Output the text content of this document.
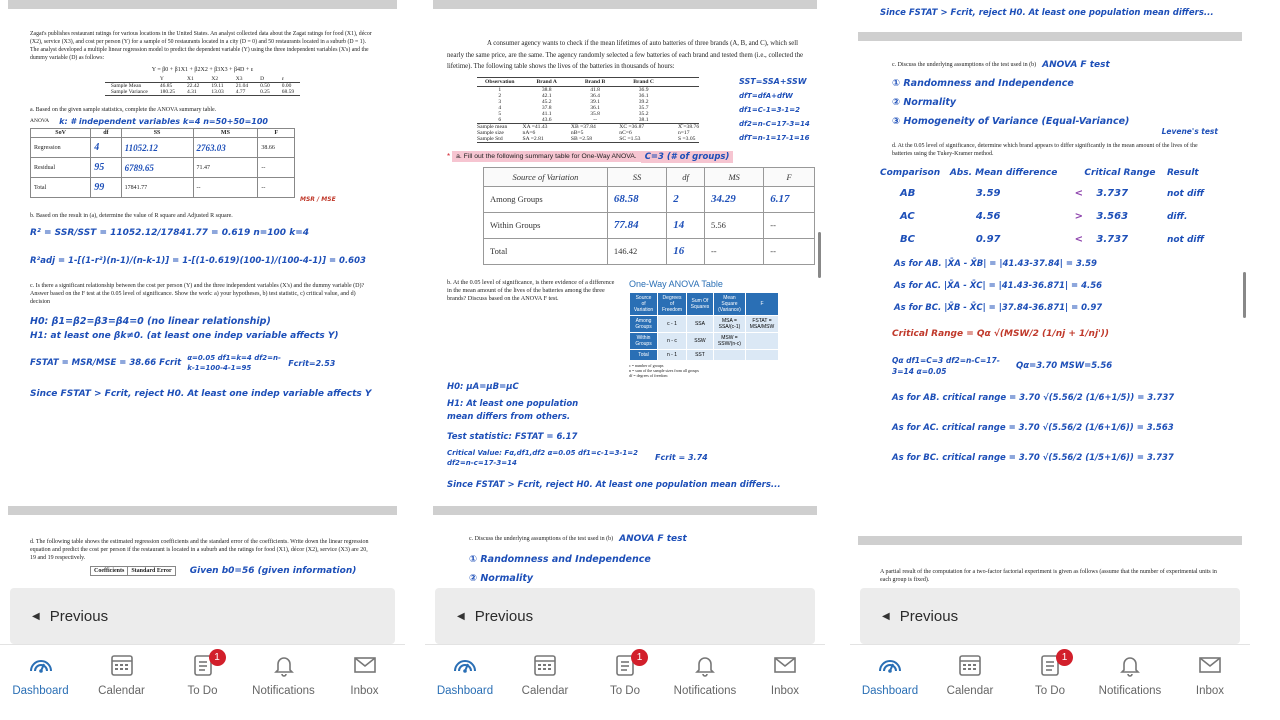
Zagat's publishes restaurant ratings for various locations in the United States. An analyst collected data about the Zagat ratings for food (X1), décor (X2), service (X3), and cost per person (Y) for a sample of 50 restaurants located in a city (D = 0) and 50 restaurants located in a suburb (D = 1). The analyst developed a multiple linear regression model to predict the dependent variable (Y) using the three independent variables (X's) and the dummy variable (D) as follows:
Y = β0 + β1X1 + β2X2 + β3X3 + β4D + ε
	Y	X1	X2	X3	D	ε
Sample Mean	46.85	22.42	19.11	21.04	0.50	0.00
Sample Variance	180.25	4.31	13.03	4.77	0.25	68.59
a. Based on the given sample statistics, complete the ANOVA summary table.
ANOVA k: # independent variables k=4 n=50+50=100
SoV	df	SS	MS	F
Regression	4	11052.12	2763.03	38.66
Residual	95	6789.65	71.47	--
Total	99	17841.77	--	--
MSR / MSE
b. Based on the result in (a), determine the value of R square and Adjusted R square.
R² = SSR/SST = 11052.12/17841.77 = 0.619 n=100 k=4
R²adj = 1-[(1-r²)(n-1)/(n-k-1)] = 1-[(1-0.619)(100-1)/(100-4-1)] = 0.603
c. Is there a significant relationship between the cost per person (Y) and the three independent variables (X's) and the dummy variable (D)? Answer based on the F test at the 0.05 level of significance. Show the work: a) your hypotheses, b) test statistic, c) critical value, and d) decision
H0: β1=β2=β3=β4=0 (no linear relationship)
H1: at least one βk≠0. (at least one indep variable affects Y)
FSTAT = MSR/MSE = 38.66 Fcrit α=0.05 df1=k=4 df2=n-k-1=100-4-1=95
Fcrit=2.53
Since FSTAT > Fcrit, reject H0. At least one indep variable affects Y
d. The following table shows the estimated regression coefficients and the standard error of the coefficients. Write down the linear regression equation and predict the cost per person if the restaurant is located in a suburb and the ratings for food (X1), décor (X2), service (X3) are 20, 19 and 19 respectively.
Coefficients	Standard Error Given b0=56 (given information)
◀ Previous
Dashboard	Calendar
1
To Do	Notifications	Inbox
A consumer agency wants to check if the mean lifetimes of auto batteries of three brands (A, B, and C), which sell nearly the same price, are the same. The agency randomly selected a few batteries of each brand and tested them (i.e., collected the lifetime). The following table shows the lives of the batteries in thousands of hours:
Observation	Brand A	Brand B	Brand C	
1	38.8	41.8	36.9	
2	42.1	36.4	36.1	
3	45.2	39.1	39.2	
4	37.8	36.1	35.7	
5	41.1	35.8	35.2	
6	43.6	--	38.1	
Sample mean	X̄A =41.43	X̄B =37.84	X̄C =36.87	X̿ =38.76
Sample size	nA=6	nB=5	nC=6	n=17
Sample Std	SA =2.81	SB =2.58	SC =1.53	S =3.05
SST=SSA+SSW
dfT=dfA+dfW
df1=C-1=3-1=2
df2=n-C=17-3=14
dfT=n-1=17-1=16
* a. Fill out the following summary table for One-Way ANOVA. C=3 (# of groups)
Source of Variation	SS	df	MS	F
Among Groups	68.58	2	34.29	6.17
Within Groups	77.84	14	5.56	--
Total	146.42	16	--	--
b. At the 0.05 level of significance, is there evidence of a difference in the mean amount of the lives of the batteries among the three brands? Discuss based on the ANOVA F test.
One-Way ANOVA Table
Source of Variation	Degrees of Freedom	Sum Of Squares	Mean Square (Variance)	F
Among Groups	c - 1	SSA	MSA = SSA/(c-1)	FSTAT = MSA/MSW
Within Groups	n - c	SSW	MSW = SSW/(n-c)	
Total	n - 1	SST		
c = number of groups
n = sum of the sample sizes from all groups
df = degrees of freedom
H0: μA=μB=μC
H1: At least one population mean differs from others.
Test statistic: FSTAT = 6.17
Critical Value: Fα,df1,df2 α=0.05 df1=c-1=3-1=2 df2=n-c=17-3=14
Fcrit = 3.74
Since FSTAT > Fcrit, reject H0. At least one population mean differs...
c. Discuss the underlying assumptions of the test used in (b) ANOVA F test
① Randomness and Independence
② Normality
◀ Previous
Dashboard Calendar
1
To Do	Notifications	Inbox
Since FSTAT > Fcrit, reject H0. At least one population mean differs...
c. Discuss the underlying assumptions of the test used in (b) ANOVA F test
① Randomness and Independence
② Normality
③ Homogeneity of Variance (Equal-Variance)
Levene's test
d. At the 0.05 level of significance, determine which brand appears to differ significantly in the mean amount of the lives of the batteries using the Tukey-Kramer method.
Comparison	Abs. Mean difference		Critical Range	Result
AB	3.59	<	3.737	not diff
AC	4.56	>	3.563	diff.
BC	0.97	<	3.737	not diff
As for AB. |X̄A - X̄B| = |41.43-37.84| = 3.59
As for AC. |X̄A - X̄C| = |41.43-36.871| = 4.56
As for BC. |X̄B - X̄C| = |37.84-36.871| = 0.97
Critical Range = Qα √(MSW/2 (1/nj + 1/nj'))
Qα df1=C=3 df2=n-C=17-3=14 α=0.05
Qα=3.70 MSW=5.56
As for AB. critical range = 3.70 √(5.56/2 (1/6+1/5)) = 3.737
As for AC. critical range = 3.70 √(5.56/2 (1/6+1/6)) = 3.563
As for BC. critical range = 3.70 √(5.56/2 (1/5+1/6)) = 3.737
A partial result of the computation for a two-factor factorial experiment is given as follows (assume that the number of experimental units in each group is fixed).
◀ Previous
Dashboard Calendar
1
To Do	Notifications	Inbox
